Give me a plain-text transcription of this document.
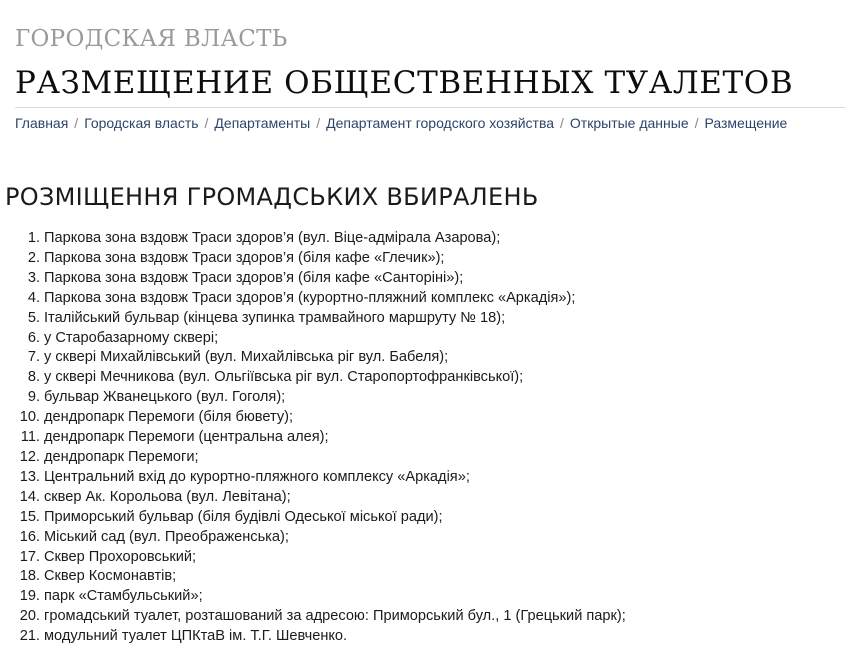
ГОРОДСКАЯ ВЛАСТЬ
РАЗМЕЩЕНИЕ ОБЩЕСТВЕННЫХ ТУАЛЕТОВ
Главная / Городская власть / Департаменты / Департамент городского хозяйства / Открытые данные / Размещение
РОЗМІЩЕННЯ ГРОМАДСЬКИХ ВБИРАЛЕНЬ
1. Паркова зона вздовж Траси здоров’я (вул. Віце-адмірала Азарова);
2. Паркова зона вздовж Траси здоров’я (біля кафе «Глечик»);
3. Паркова зона вздовж Траси здоров’я (біля кафе «Санторіні»);
4. Паркова зона вздовж Траси здоров’я (курортно-пляжний комплекс «Аркадія»);
5. Італійський бульвар (кінцева зупинка трамвайного маршруту № 18);
6. у Старобазарному сквері;
7. у сквері Михайлівський (вул. Михайлівська ріг вул. Бабеля);
8. у сквері Мечникова (вул. Ольгіївська ріг вул. Старопортофранківської);
9. бульвар Жванецького (вул. Гоголя);
10. дендропарк Перемоги (біля бювету);
11. дендропарк Перемоги (центральна алея);
12. дендропарк Перемоги;
13. Центральний вхід до курортно-пляжного комплексу «Аркадія»;
14. сквер Ак. Корольова (вул. Левітана);
15. Приморський бульвар (біля будівлі Одеської міської ради);
16. Міський сад (вул. Преображенська);
17. Сквер Прохоровський;
18. Сквер Космонавтів;
19. парк «Стамбульський»;
20. громадський туалет, розташований за адресою: Приморський бул., 1 (Грецький парк);
21. модульний туалет ЦПКтаВ ім. Т.Г. Шевченко.
